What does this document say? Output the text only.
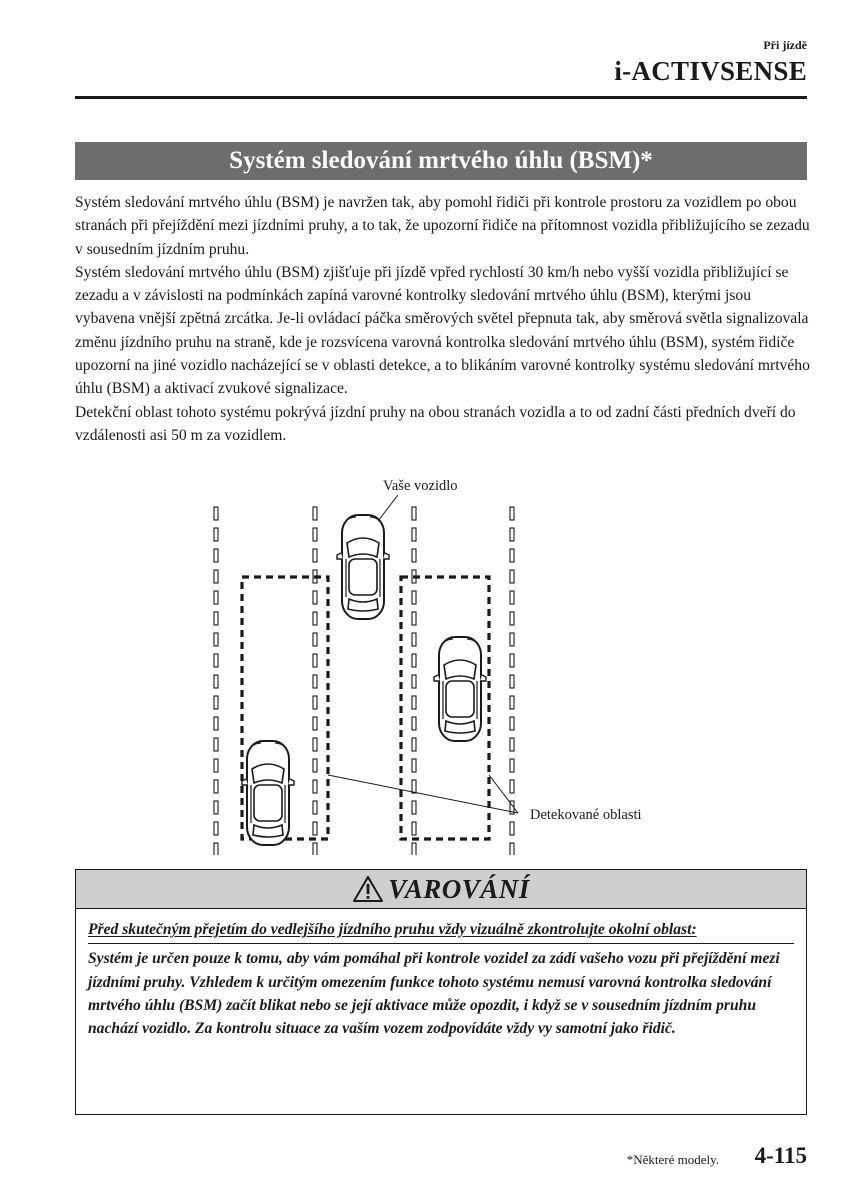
Při jízdě
i-ACTIVSENSE
Systém sledování mrtvého úhlu (BSM)*

Systém sledování mrtvého úhlu (BSM) je navržen tak, aby pomohl řidiči při kontrole prostoru za vozidlem po obou stranách při přejíždění mezi jízdními pruhy, a to tak, že upozorní řidiče na přítomnost vozidla přibližujícího se zezadu v sousedním jízdním pruhu.

Systém sledování mrtvého úhlu (BSM) zjišťuje při jízdě vpřed rychlostí 30 km/h nebo vyšší vozidla přibližující se zezadu a v závislosti na podmínkách zapíná varovné kontrolky sledování mrtvého úhlu (BSM), kterými jsou vybavena vnější zpětná zrcátka. Je-li ovládací páčka směrových světel přepnuta tak, aby směrová světla signalizovala změnu jízdního pruhu na straně, kde je rozsvícena varovná kontrolka sledování mrtvého úhlu (BSM), systém řidiče upozorní na jiné vozidlo nacházející se v oblasti detekce, a to blikáním varovné kontrolky systému sledování mrtvého úhlu (BSM) a aktivací zvukové signalizace.

Detekční oblast tohoto systému pokrývá jízdní pruhy na obou stranách vozidla a to od zadní části předních dveří do vzdálenosti asi 50 m za vozidlem.

Vaše vozidlo
Detekované oblasti
VAROVÁNÍ
Před skutečným přejetím do vedlejšího jízdního pruhu vždy vizuálně zkontrolujte okolní oblast:

Systém je určen pouze k tomu, aby vám pomáhal při kontrole vozidel za zádí vašeho vozu při přejíždění mezi jízdními pruhy. Vzhledem k určitým omezením funkce tohoto systému nemusí varovná kontrolka sledování mrtvého úhlu (BSM) začít blikat nebo se její aktivace může opozdit, i když se v sousedním jízdním pruhu nachází vozidlo. Za kontrolu situace za vaším vozem zodpovídáte vždy vy samotní jako řidič.

*Některé modely. 4-115
